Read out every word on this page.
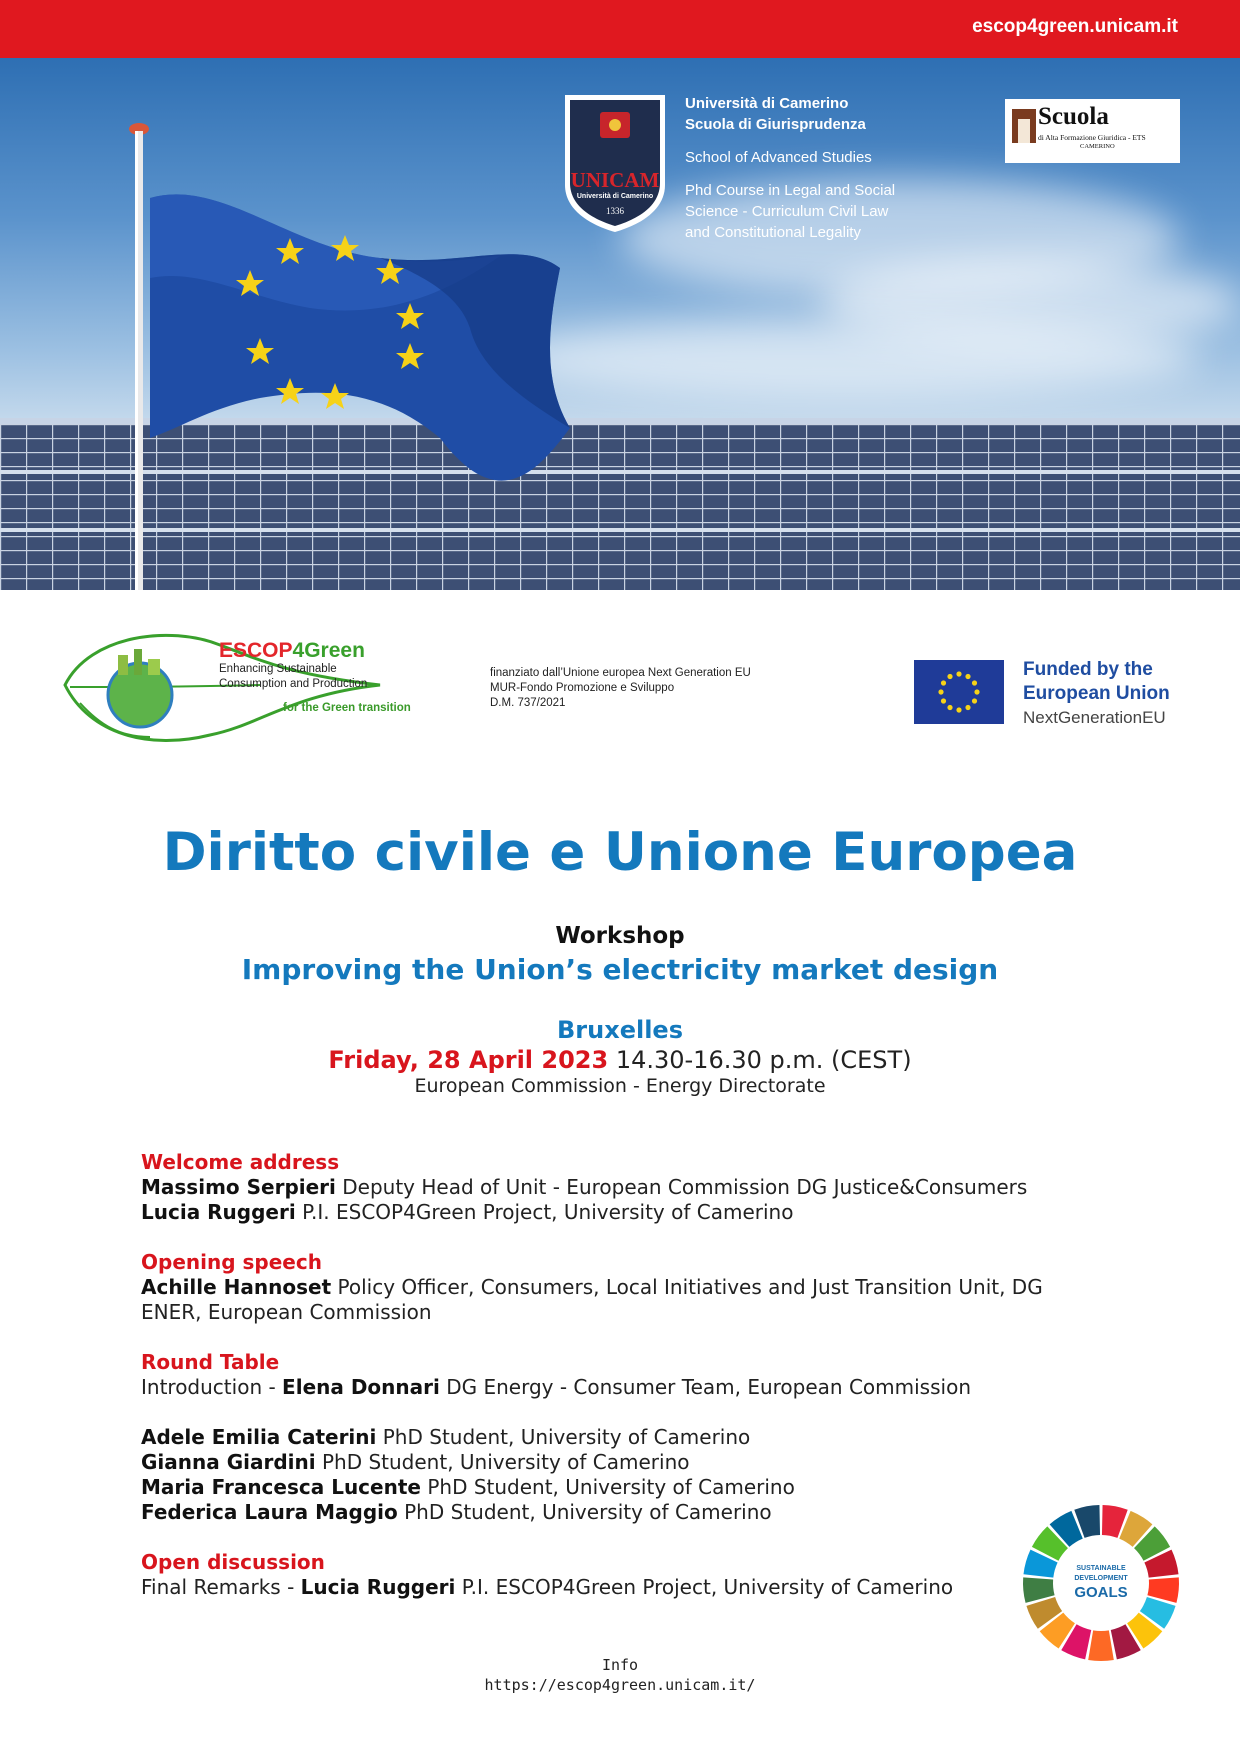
escop4green.unicam.it
UNICAM
Università di Camerino
1336
Università di Camerino
Scuola di Giurisprudenza
School of Advanced Studies
Phd Course in Legal and Social
Science - Curriculum Civil Law
and Constitutional Legality
Scuola
di Alta Formazione Giuridica - ETS
CAMERINO
ESCOP4Green
Enhancing Sustainable
Consumption and Production
for the Green transition
finanziato dall’Unione europea Next Generation EU
MUR-Fondo Promozione e Sviluppo
D.M. 737/2021
Funded by the
European Union
NextGenerationEU
Diritto civile e Unione Europea
Workshop
Improving the Union’s electricity market design
Bruxelles
Friday, 28 April 2023 14.30-16.30 p.m. (CEST)
European Commission - Energy Directorate
Welcome address
Massimo Serpieri Deputy Head of Unit - European Commission DG Justice&Consumers
Lucia Ruggeri P.I. ESCOP4Green Project, University of Camerino
Opening speech
Achille Hannoset Policy Officer, Consumers, Local Initiatives and Just Transition Unit, DG ENER, European Commission
Round Table
Introduction - Elena Donnari DG Energy - Consumer Team, European Commission
Adele Emilia Caterini PhD Student, University of Camerino
Gianna Giardini PhD Student, University of Camerino
Maria Francesca Lucente PhD Student, University of Camerino
Federica Laura Maggio PhD Student, University of Camerino
Open discussion
Final Remarks - Lucia Ruggeri P.I. ESCOP4Green Project, University of Camerino
SUSTAINABLE
DEVELOPMENT
GOALS
Info
https://escop4green.unicam.it/
